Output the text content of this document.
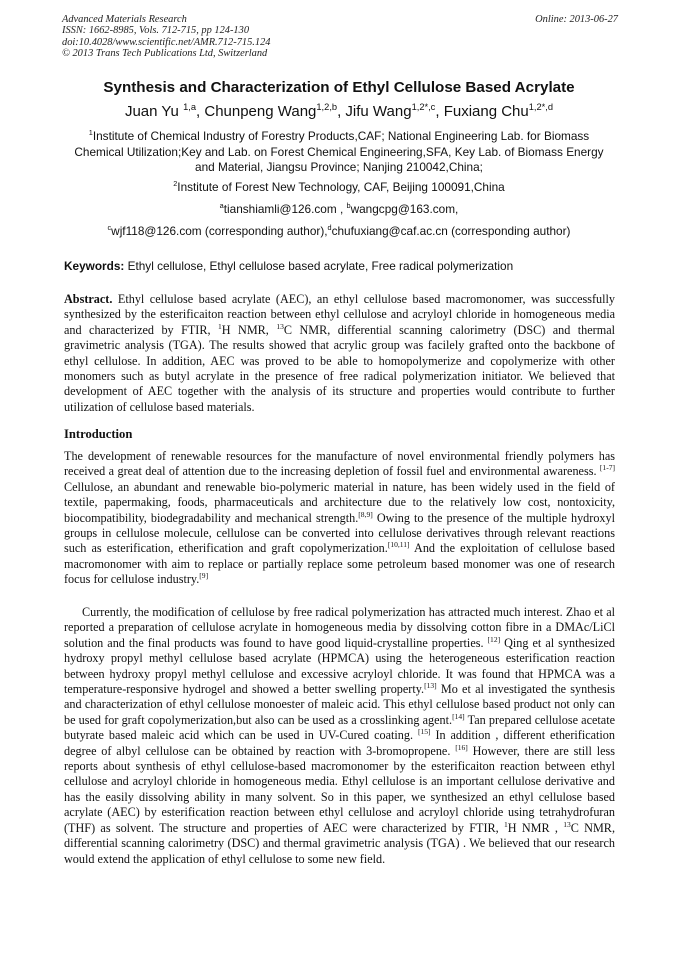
Advanced Materials Research
ISSN: 1662-8985, Vols. 712-715, pp 124-130
doi:10.4028/www.scientific.net/AMR.712-715.124
© 2013 Trans Tech Publications Ltd, Switzerland
Online: 2013-06-27
Synthesis and Characterization of Ethyl Cellulose Based Acrylate
Juan Yu $^{1,a}$, Chunpeng Wang$^{1,2,b}$, Jifu Wang$^{1,2*,c}$, Fuxiang Chu$^{1,2*,d}$
$^1$Institute of Chemical Industry of Forestry Products,CAF; National Engineering Lab. for Biomass Chemical Utilization;Key and Lab. on Forest Chemical Engineering,SFA, Key Lab. of Biomass Energy and Material, Jiangsu Province; Nanjing 210042,China;
$^2$Institute of Forest New Technology, CAF, Beijing 100091,China
$^a$tianshiamli@126.com , $^b$wangcpg@163.com,
$^c$wjf118@126.com (corresponding author),$^d$chufuxiang@caf.ac.cn (corresponding author)
Keywords: Ethyl cellulose, Ethyl cellulose based acrylate, Free radical polymerization
Abstract. Ethyl cellulose based acrylate (AEC), an ethyl cellulose based macromonomer, was successfully synthesized by the esterificaiton reaction between ethyl cellulose and acryloyl chloride in homogeneous media and characterized by FTIR, $^1$H NMR, $^{13}$C NMR, differential scanning calorimetry (DSC) and thermal gravimetric analysis (TGA). The results showed that acrylic group was facilely grafted onto the backbone of ethyl cellulose. In addition, AEC was proved to be able to homopolymerize and copolymerize with other monomers such as butyl acrylate in the presence of free radical polymerization initiator. We believed that development of AEC together with the analysis of its structure and properties would contribute to further utilization of cellulose based materials.
Introduction
The development of renewable resources for the manufacture of novel environmental friendly polymers has received a great deal of attention due to the increasing depletion of fossil fuel and environmental awareness. [1-7] Cellulose, an abundant and renewable bio-polymeric material in nature, has been widely used in the field of textile, papermaking, foods, pharmaceuticals and architecture due to the relatively low cost, nontoxicity, biocompatibility, biodegradability and mechanical strength.[8,9] Owing to the presence of the multiple hydroxyl groups in cellulose molecule, cellulose can be converted into cellulose derivatives through relevant reactions such as esterification, etherification and graft copolymerization.[10,11] And the exploitation of cellulose based macromonomer with aim to replace or partially replace some petroleum based monomer was one of research focus for cellulose industry.[9]
Currently, the modification of cellulose by free radical polymerization has attracted much interest. Zhao et al reported a preparation of cellulose acrylate in homogeneous media by dissolving cotton fibre in a DMAc/LiCl solution and the final products was found to have good liquid-crystalline properties. [12] Qing et al synthesized hydroxy propyl methyl cellulose based acrylate (HPMCA) using the heterogeneous esterification reaction between hydroxy propyl methyl cellulose and excessive acryloyl chloride. It was found that HPMCA was a temperature-responsive hydrogel and showed a better swelling property.[13] Mo et al investigated the synthesis and characterization of ethyl cellulose monoester of maleic acid. This ethyl cellulose based product not only can be used for graft copolymerization,but also can be used as a crosslinking agent.[14] Tan prepared cellulose acetate butyrate based maleic acid which can be used in UV-Cured coating. [15] In addition , different etherification degree of albyl cellulose can be obtained by reaction with 3-bromopropene. [16] However, there are still less reports about synthesis of ethyl cellulose-based macromonomer by the esterificaiton reaction between ethyl cellulose and acryloyl chloride in homogeneous media. Ethyl cellulose is an important cellulose derivative and has the easily dissolving ability in many solvent. So in this paper, we synthesized an ethyl cellulose based acrylate (AEC) by esterification reaction between ethyl cellulose and acryloyl chloride using tetrahydrofuran (THF) as solvent. The structure and properties of AEC were characterized by FTIR, $^1$H NMR , $^{13}$C NMR, differential scanning calorimetry (DSC) and thermal gravimetric analysis (TGA) . We believed that our research would extend the application of ethyl cellulose to some new field.
